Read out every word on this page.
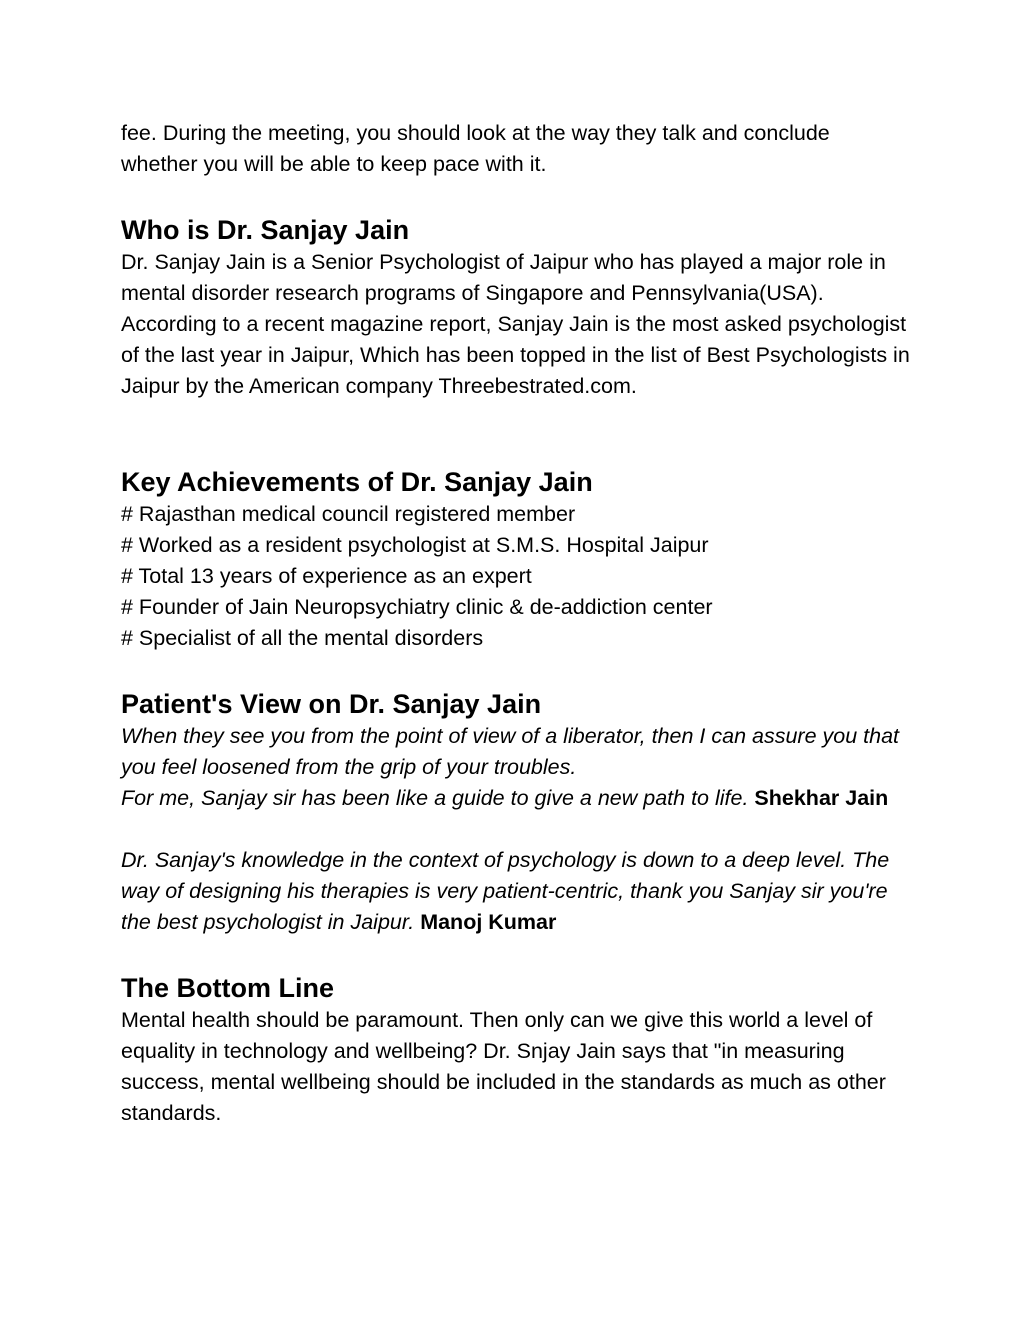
fee. During the meeting, you should look at the way they talk and conclude whether you will be able to keep pace with it.

Who is Dr. Sanjay Jain

Dr. Sanjay Jain is a Senior Psychologist of Jaipur who has played a major role in mental disorder research programs of Singapore and Pennsylvania(USA). According to a recent magazine report, Sanjay Jain is the most asked psychologist of the last year in Jaipur, Which has been topped in the list of Best Psychologists in Jaipur by the American company Threebestrated.com.

Key Achievements of Dr. Sanjay Jain

# Rajasthan medical council registered member

# Worked as a resident psychologist at S.M.S. Hospital Jaipur

# Total 13 years of experience as an expert

# Founder of Jain Neuropsychiatry clinic & de-addiction center

# Specialist of all the mental disorders

Patient's View on Dr. Sanjay Jain

When they see you from the point of view of a liberator, then I can assure you that you feel loosened from the grip of your troubles.

For me, Sanjay sir has been like a guide to give a new path to life. Shekhar Jain

Dr. Sanjay's knowledge in the context of psychology is down to a deep level. The way of designing his therapies is very patient-centric, thank you Sanjay sir you're the best psychologist in Jaipur. Manoj Kumar

The Bottom Line

Mental health should be paramount. Then only can we give this world a level of equality in technology and wellbeing? Dr. Snjay Jain says that "in measuring success, mental wellbeing should be included in the standards as much as other standards.
